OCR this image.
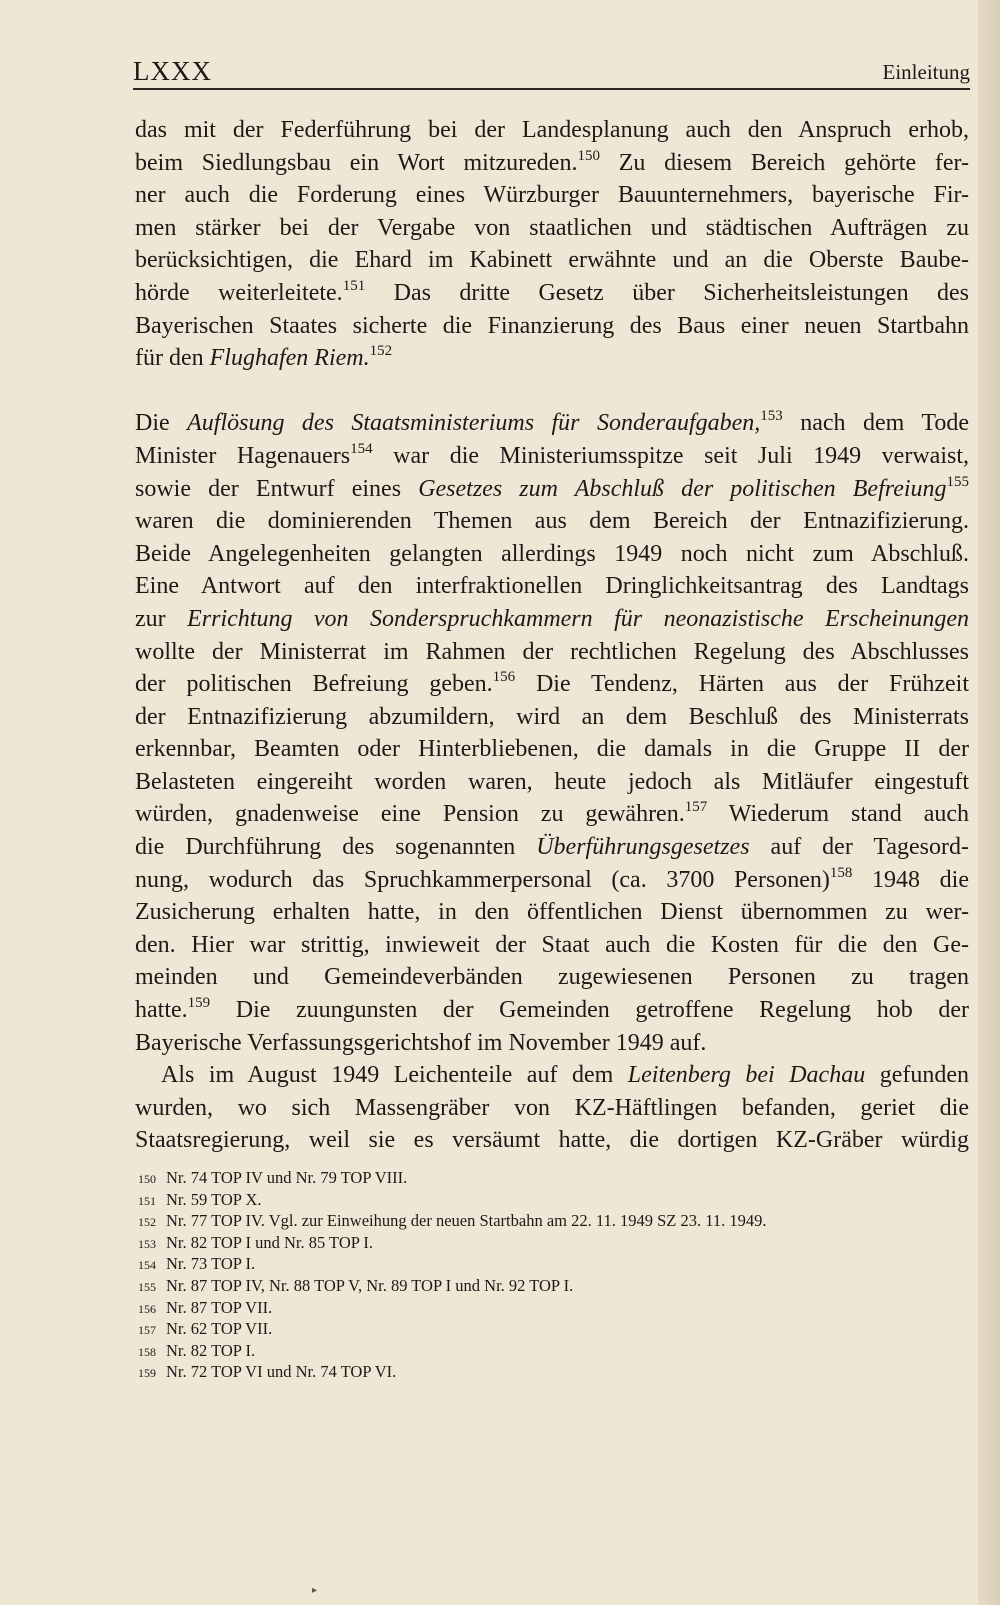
LXXX	Einleitung
das mit der Federführung bei der Landesplanung auch den Anspruch erhob,
beim Siedlungsbau ein Wort mitzureden.$^{150}$ Zu diesem Bereich gehörte fer-
ner auch die Forderung eines Würzburger Bauunternehmers, bayerische Fir-
men stärker bei der Vergabe von staatlichen und städtischen Aufträgen zu
berücksichtigen, die Ehard im Kabinett erwähnte und an die Oberste Baube-
hörde weiterleitete.$^{151}$ Das dritte Gesetz über Sicherheitsleistungen des
Bayerischen Staates sicherte die Finanzierung des Baus einer neuen Startbahn
für den Flughafen Riem.$^{152}$
Die Auflösung des Staatsministeriums für Sonderaufgaben,$^{153}$ nach dem Tode
Minister Hagenauers$^{154}$ war die Ministeriumsspitze seit Juli 1949 verwaist,
sowie der Entwurf eines Gesetzes zum Abschluß der politischen Befreiung$^{155}$
waren die dominierenden Themen aus dem Bereich der Entnazifizierung.
Beide Angelegenheiten gelangten allerdings 1949 noch nicht zum Abschluß.
Eine Antwort auf den interfraktionellen Dringlichkeitsantrag des Landtags
zur Errichtung von Sonderspruchkammern für neonazistische Erscheinungen
wollte der Ministerrat im Rahmen der rechtlichen Regelung des Abschlusses
der politischen Befreiung geben.$^{156}$ Die Tendenz, Härten aus der Frühzeit
der Entnazifizierung abzumildern, wird an dem Beschluß des Ministerrats
erkennbar, Beamten oder Hinterbliebenen, die damals in die Gruppe II der
Belasteten eingereiht worden waren, heute jedoch als Mitläufer eingestuft
würden, gnadenweise eine Pension zu gewähren.$^{157}$ Wiederum stand auch
die Durchführung des sogenannten Überführungsgesetzes auf der Tagesord-
nung, wodurch das Spruchkammerpersonal (ca. 3700 Personen)$^{158}$ 1948 die
Zusicherung erhalten hatte, in den öffentlichen Dienst übernommen zu wer-
den. Hier war strittig, inwieweit der Staat auch die Kosten für die den Ge-
meinden und Gemeindeverbänden zugewiesenen Personen zu tragen
hatte.$^{159}$ Die zuungunsten der Gemeinden getroffene Regelung hob der
Bayerische Verfassungsgerichtshof im November 1949 auf.
Als im August 1949 Leichenteile auf dem Leitenberg bei Dachau gefunden
wurden, wo sich Massengräber von KZ-Häftlingen befanden, geriet die
Staatsregierung, weil sie es versäumt hatte, die dortigen KZ-Gräber würdig
150 Nr. 74 TOP IV und Nr. 79 TOP VIII.
151 Nr. 59 TOP X.
152 Nr. 77 TOP IV. Vgl. zur Einweihung der neuen Startbahn am 22. 11. 1949 SZ 23. 11. 1949.
153 Nr. 82 TOP I und Nr. 85 TOP I.
154 Nr. 73 TOP I.
155 Nr. 87 TOP IV, Nr. 88 TOP V, Nr. 89 TOP I und Nr. 92 TOP I.
156 Nr. 87 TOP VII.
157 Nr. 62 TOP VII.
158 Nr. 82 TOP I.
159 Nr. 72 TOP VI und Nr. 74 TOP VI.
▸
